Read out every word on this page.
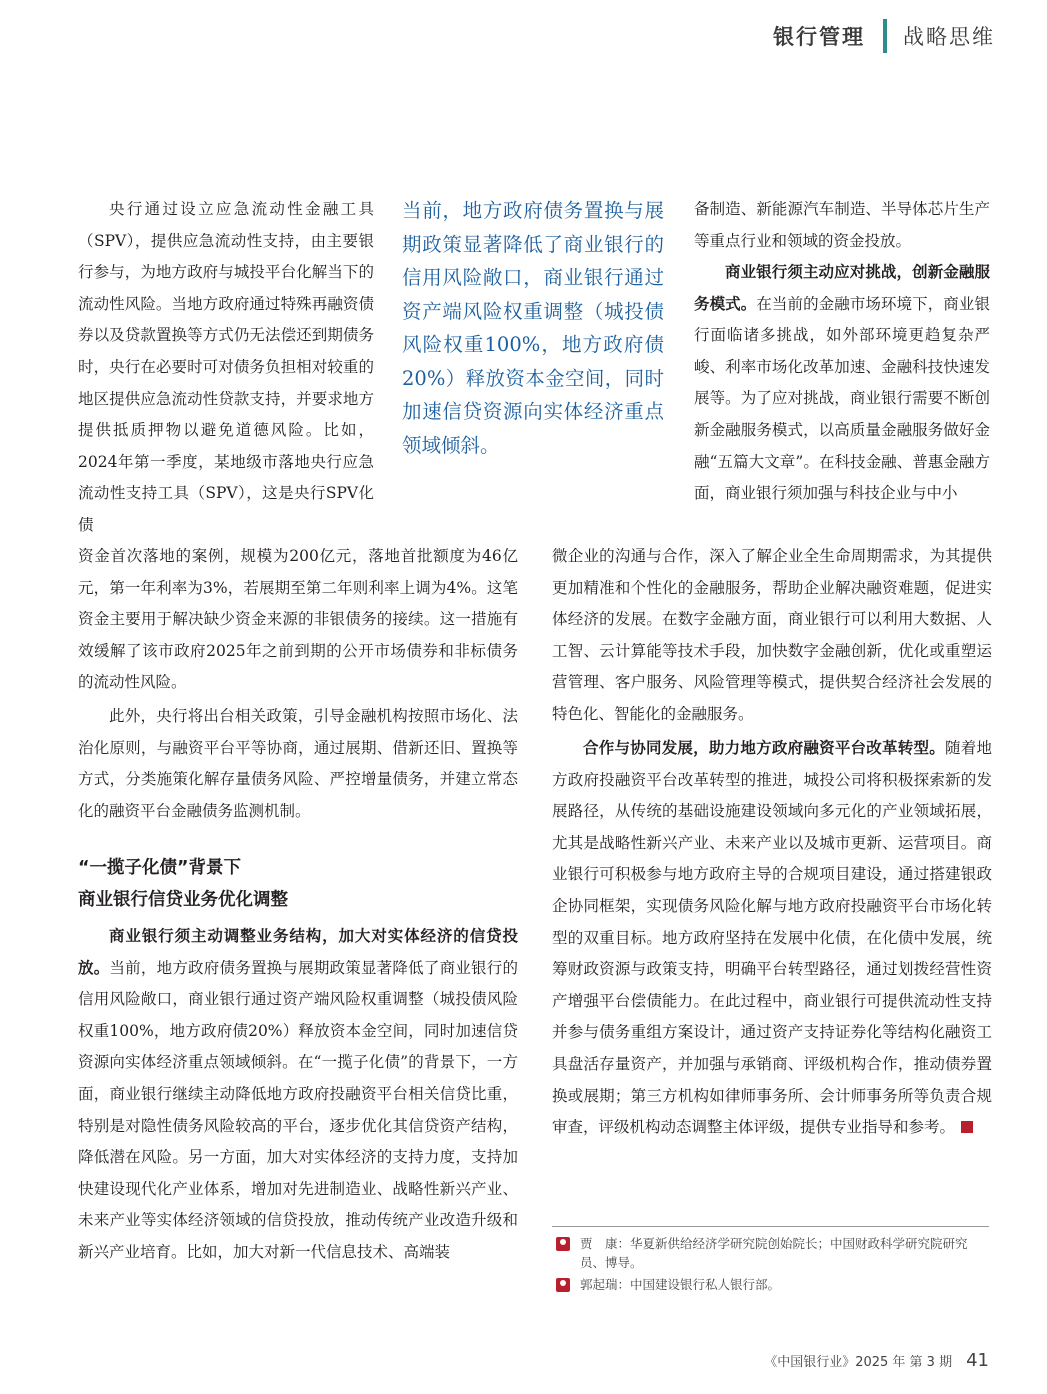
银行管理 战略思维

当前，地方政府债务置换与展期政策显著降低了商业银行的信用风险敞口，商业银行通过资产端风险权重调整（城投债风险权重100%，地方政府债20%）释放资本金空间，同时加速信贷资源向实体经济重点领域倾斜。

央行通过设立应急流动性金融工具（SPV），提供应急流动性支持，由主要银行参与，为地方政府与城投平台化解当下的流动性风险。当地方政府通过特殊再融资债券以及贷款置换等方式仍无法偿还到期债务时，央行在必要时可对债务负担相对较重的地区提供应急流动性贷款支持，并要求地方提供抵质押物以避免道德风险。比如，2024年第一季度，某地级市落地央行应急流动性支持工具（SPV），这是央行SPV化债

资金首次落地的案例，规模为200亿元，落地首批额度为46亿元，第一年利率为3%，若展期至第二年则利率上调为4%。这笔资金主要用于解决缺少资金来源的非银债务的接续。这一措施有效缓解了该市政府2025年之前到期的公开市场债券和非标债务的流动性风险。

此外，央行将出台相关政策，引导金融机构按照市场化、法治化原则，与融资平台平等协商，通过展期、借新还旧、置换等方式，分类施策化解存量债务风险、严控增量债务，并建立常态化的融资平台金融债务监测机制。

“一揽子化债”背景下
商业银行信贷业务优化调整

商业银行须主动调整业务结构，加大对实体经济的信贷投放。当前，地方政府债务置换与展期政策显著降低了商业银行的信用风险敞口，商业银行通过资产端风险权重调整（城投债风险权重100%，地方政府债20%）释放资本金空间，同时加速信贷资源向实体经济重点领域倾斜。在“一揽子化债”的背景下，一方面，商业银行继续主动降低地方政府投融资平台相关信贷比重，特别是对隐性债务风险较高的平台，逐步优化其信贷资产结构，降低潜在风险。另一方面，加大对实体经济的支持力度，支持加快建设现代化产业体系，增加对先进制造业、战略性新兴产业、未来产业等实体经济领域的信贷投放，推动传统产业改造升级和新兴产业培育。比如，加大对新一代信息技术、高端装

备制造、新能源汽车制造、半导体芯片生产等重点行业和领域的资金投放。

商业银行须主动应对挑战，创新金融服务模式。在当前的金融市场环境下，商业银行面临诸多挑战，如外部环境更趋复杂严峻、利率市场化改革加速、金融科技快速发展等。为了应对挑战，商业银行需要不断创新金融服务模式，以高质量金融服务做好金融“五篇大文章”。在科技金融、普惠金融方面，商业银行须加强与科技企业与中小

微企业的沟通与合作，深入了解企业全生命周期需求，为其提供更加精准和个性化的金融服务，帮助企业解决融资难题，促进实体经济的发展。在数字金融方面，商业银行可以利用大数据、人工智、云计算能等技术手段，加快数字金融创新，优化或重塑运营管理、客户服务、风险管理等模式，提供契合经济社会发展的特色化、智能化的金融服务。

合作与协同发展，助力地方政府融资平台改革转型。随着地方政府投融资平台改革转型的推进，城投公司将积极探索新的发展路径，从传统的基础设施建设领域向多元化的产业领域拓展，尤其是战略性新兴产业、未来产业以及城市更新、运营项目。商业银行可积极参与地方政府主导的合规项目建设，通过搭建银政企协同框架，实现债务风险化解与地方政府投融资平台市场化转型的双重目标。地方政府坚持在发展中化债，在化债中发展，统筹财政资源与政策支持，明确平台转型路径，通过划拨经营性资产增强平台偿债能力。在此过程中，商业银行可提供流动性支持并参与债务重组方案设计，通过资产支持证券化等结构化融资工具盘活存量资产，并加强与承销商、评级机构合作，推动债券置换或展期；第三方机构如律师事务所、会计师事务所等负责合规审查，评级机构动态调整主体评级，提供专业指导和参考。

贾　康：华夏新供给经济学研究院创始院长；中国财政科学研究院研究员、博导。
郭起瑞：中国建设银行私人银行部。
《中国银行业》2025 年 第 3 期 41
